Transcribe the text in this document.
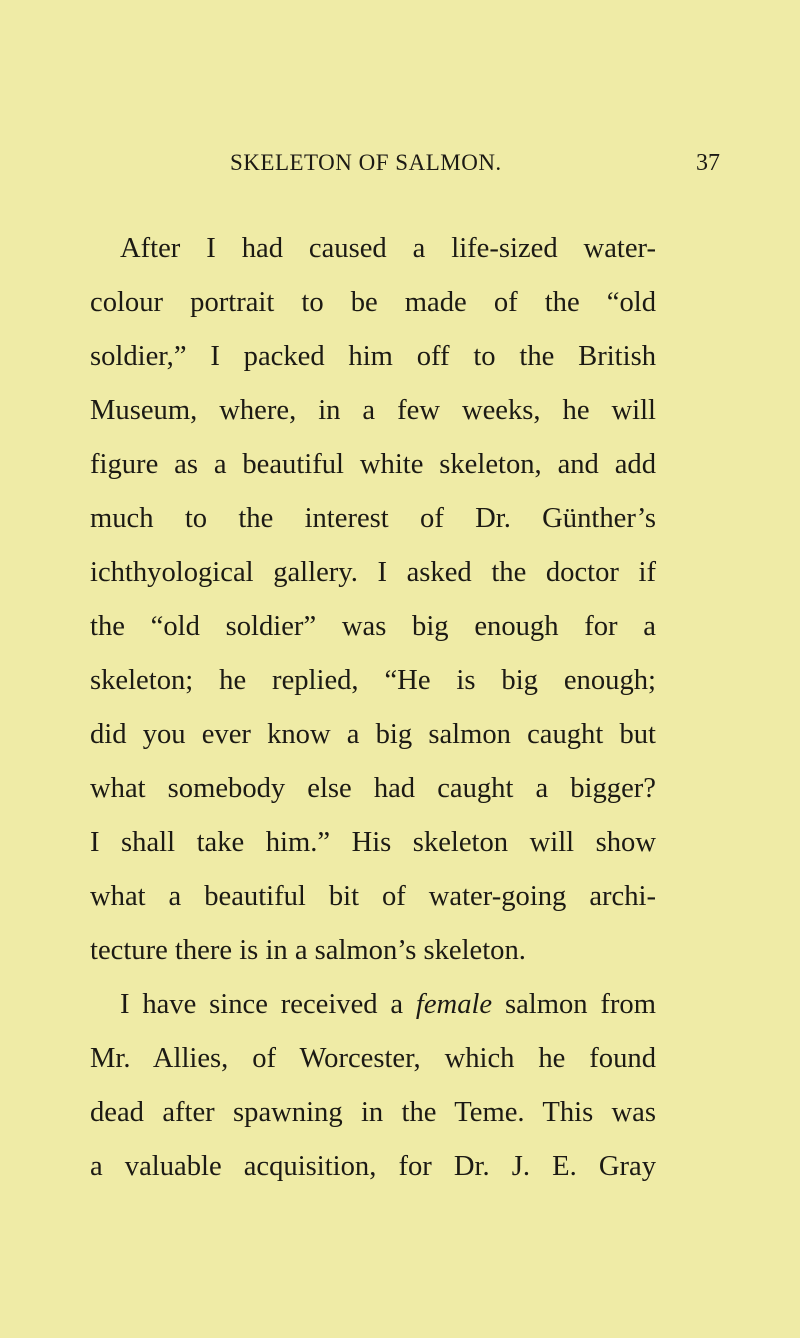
SKELETON OF SALMON.	37
After I had caused a life-sized water-
colour portrait to be made of the “old
soldier,” I packed him off to the British
Museum, where, in a few weeks, he will
figure as a beautiful white skeleton, and add
much to the interest of Dr. Günther’s
ichthyological gallery. I asked the doctor if
the “old soldier” was big enough for a
skeleton; he replied, “He is big enough;
did you ever know a big salmon caught but
what somebody else had caught a bigger?
I shall take him.” His skeleton will show
what a beautiful bit of water-going archi-
tecture there is in a salmon’s skeleton.
I have since received a female salmon from
Mr. Allies, of Worcester, which he found
dead after spawning in the Teme. This was
a valuable acquisition, for Dr. J. E. Gray
